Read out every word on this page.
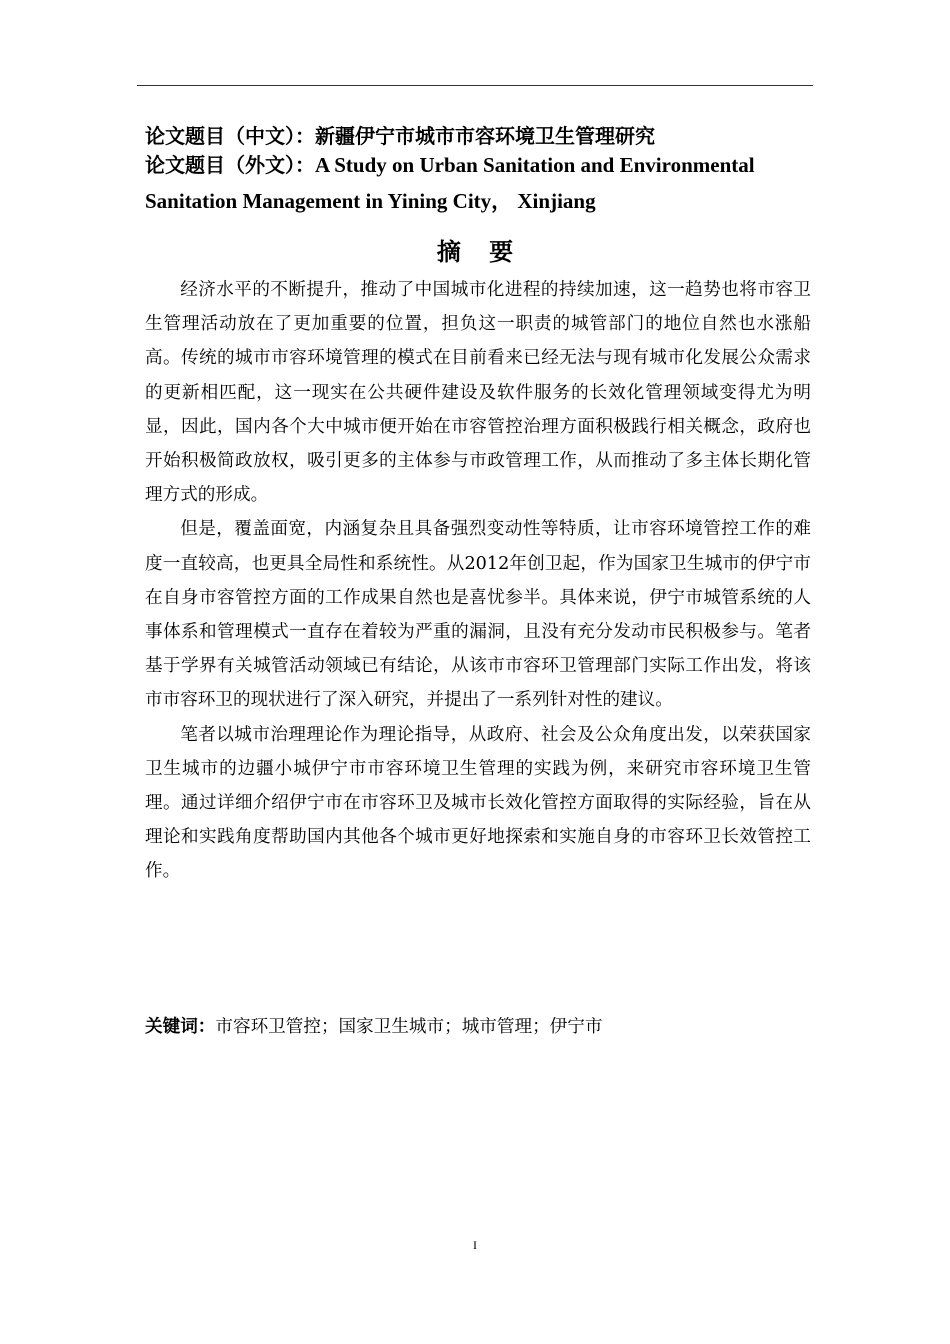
论文题目（中文）：新疆伊宁市城市市容环境卫生管理研究
论文题目（外文）：A Study on Urban Sanitation and Environmental
Sanitation Management in Yining City， Xinjiang
摘 要

经济水平的不断提升，推动了中国城市化进程的持续加速，这一趋势也将市容卫生管理活动放在了更加重要的位置，担负这一职责的城管部门的地位自然也水涨船高。传统的城市市容环境管理的模式在目前看来已经无法与现有城市化发展公众需求的更新相匹配，这一现实在公共硬件建设及软件服务的长效化管理领域变得尤为明显，因此，国内各个大中城市便开始在市容管控治理方面积极践行相关概念，政府也开始积极简政放权，吸引更多的主体参与市政管理工作，从而推动了多主体长期化管理方式的形成。

但是，覆盖面宽，内涵复杂且具备强烈变动性等特质，让市容环境管控工作的难度一直较高，也更具全局性和系统性。从2012年创卫起，作为国家卫生城市的伊宁市在自身市容管控方面的工作成果自然也是喜忧参半。具体来说，伊宁市城管系统的人事体系和管理模式一直存在着较为严重的漏洞，且没有充分发动市民积极参与。笔者基于学界有关城管活动领域已有结论，从该市市容环卫管理部门实际工作出发，将该市市容环卫的现状进行了深入研究，并提出了一系列针对性的建议。

笔者以城市治理理论作为理论指导，从政府、社会及公众角度出发，以荣获国家卫生城市的边疆小城伊宁市市容环境卫生管理的实践为例，来研究市容环境卫生管理。通过详细介绍伊宁市在市容环卫及城市长效化管控方面取得的实际经验，旨在从理论和实践角度帮助国内其他各个城市更好地探索和实施自身的市容环卫长效管控工作。

关键词：市容环卫管控；国家卫生城市；城市管理；伊宁市
I
